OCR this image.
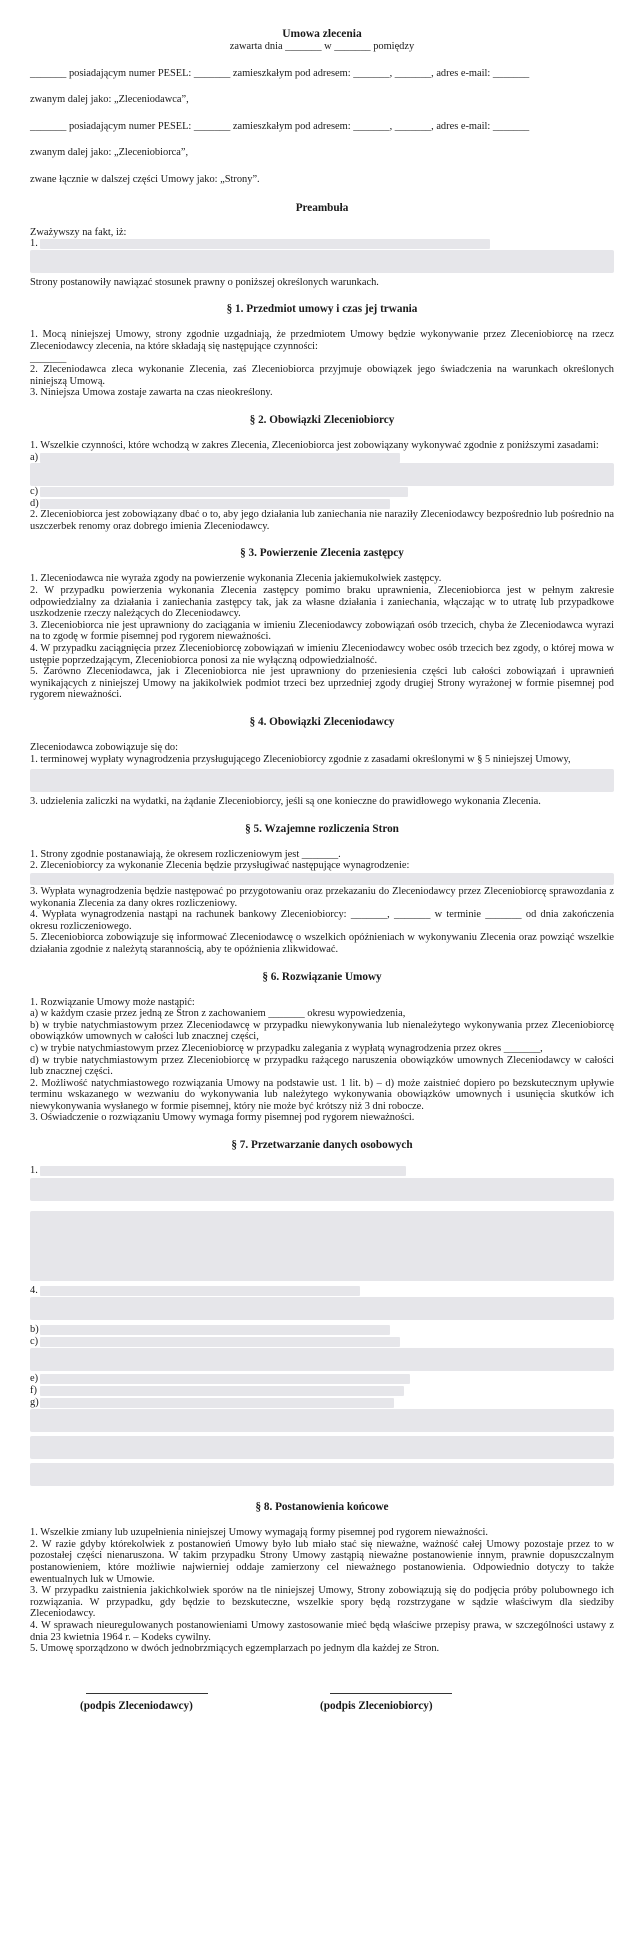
Umowa zlecenia
zawarta dnia _______ w _______ pomiędzy

_______ posiadającym numer PESEL: _______ zamieszkałym pod adresem: _______, _______, adres e-mail: _______

zwanym dalej jako: „Zleceniodawca”,

_______ posiadającym numer PESEL: _______ zamieszkałym pod adresem: _______, _______, adres e-mail: _______

zwanym dalej jako: „Zleceniobiorca”,

zwane łącznie w dalszej części Umowy jako: „Strony”.

Preambuła

Zważywszy na fakt, iż:

1.

Strony postanowiły nawiązać stosunek prawny o poniższej określonych warunkach.

§ 1. Przedmiot umowy i czas jej trwania

1. Mocą niniejszej Umowy, strony zgodnie uzgadniają, że przedmiotem Umowy będzie wykonywanie przez Zleceniobiorcę na rzecz Zleceniodawcy zlecenia, na które składają się następujące czynności:

_______

2. Zleceniodawca zleca wykonanie Zlecenia, zaś Zleceniobiorca przyjmuje obowiązek jego świadczenia na warunkach określonych niniejszą Umową.

3. Niniejsza Umowa zostaje zawarta na czas nieokreślony.

§ 2. Obowiązki Zleceniobiorcy

1. Wszelkie czynności, które wchodzą w zakres Zlecenia, Zleceniobiorca jest zobowiązany wykonywać zgodnie z poniższymi zasadami:

a)
c)
d)

2. Zleceniobiorca jest zobowiązany dbać o to, aby jego działania lub zaniechania nie naraziły Zleceniodawcy bezpośrednio lub pośrednio na uszczerbek renomy oraz dobrego imienia Zleceniodawcy.

§ 3. Powierzenie Zlecenia zastępcy

1. Zleceniodawca nie wyraża zgody na powierzenie wykonania Zlecenia jakiemukolwiek zastępcy.

2. W przypadku powierzenia wykonania Zlecenia zastępcy pomimo braku uprawnienia, Zleceniobiorca jest w pełnym zakresie odpowiedzialny za działania i zaniechania zastępcy tak, jak za własne działania i zaniechania, włączając w to utratę lub przypadkowe uszkodzenie rzeczy należących do Zleceniodawcy.

3. Zleceniobiorca nie jest uprawniony do zaciągania w imieniu Zleceniodawcy zobowiązań osób trzecich, chyba że Zleceniodawca wyrazi na to zgodę w formie pisemnej pod rygorem nieważności.

4. W przypadku zaciągnięcia przez Zleceniobiorcę zobowiązań w imieniu Zleceniodawcy wobec osób trzecich bez zgody, o której mowa w ustępie poprzedzającym, Zleceniobiorca ponosi za nie wyłączną odpowiedzialność.

5. Zarówno Zleceniodawca, jak i Zleceniobiorca nie jest uprawniony do przeniesienia części lub całości zobowiązań i uprawnień wynikających z niniejszej Umowy na jakikolwiek podmiot trzeci bez uprzedniej zgody drugiej Strony wyrażonej w formie pisemnej pod rygorem nieważności.

§ 4. Obowiązki Zleceniodawcy

Zleceniodawca zobowiązuje się do:

1. terminowej wypłaty wynagrodzenia przysługującego Zleceniobiorcy zgodnie z zasadami określonymi w § 5 niniejszej Umowy,

3. udzielenia zaliczki na wydatki, na żądanie Zleceniobiorcy, jeśli są one konieczne do prawidłowego wykonania Zlecenia.

§ 5. Wzajemne rozliczenia Stron

1. Strony zgodnie postanawiają, że okresem rozliczeniowym jest _______.

2. Zleceniobiorcy za wykonanie Zlecenia będzie przysługiwać następujące wynagrodzenie:

3. Wypłata wynagrodzenia będzie następować po przygotowaniu oraz przekazaniu do Zleceniodawcy przez Zleceniobiorcę sprawozdania z wykonania Zlecenia za dany okres rozliczeniowy.

4. Wypłata wynagrodzenia nastąpi na rachunek bankowy Zleceniobiorcy: _______, _______ w terminie _______ od dnia zakończenia okresu rozliczeniowego.

5. Zleceniobiorca zobowiązuje się informować Zleceniodawcę o wszelkich opóźnieniach w wykonywaniu Zlecenia oraz powziąć wszelkie działania zgodnie z należytą starannością, aby te opóźnienia zlikwidować.

§ 6. Rozwiązanie Umowy

1. Rozwiązanie Umowy może nastąpić:

a) w każdym czasie przez jedną ze Stron z zachowaniem _______ okresu wypowiedzenia,

b) w trybie natychmiastowym przez Zleceniodawcę w przypadku niewykonywania lub nienależytego wykonywania przez Zleceniobiorcę obowiązków umownych w całości lub znacznej części,

c) w trybie natychmiastowym przez Zleceniobiorcę w przypadku zalegania z wypłatą wynagrodzenia przez okres _______,

d) w trybie natychmiastowym przez Zleceniobiorcę w przypadku rażącego naruszenia obowiązków umownych Zleceniodawcy w całości lub znacznej części.

2. Możliwość natychmiastowego rozwiązania Umowy na podstawie ust. 1 lit. b) – d) może zaistnieć dopiero po bezskutecznym upływie terminu wskazanego w wezwaniu do wykonywania lub należytego wykonywania obowiązków umownych i usunięcia skutków ich niewykonywania wysłanego w formie pisemnej, który nie może być krótszy niż 3 dni robocze.

3. Oświadczenie o rozwiązaniu Umowy wymaga formy pisemnej pod rygorem nieważności.

§ 7. Przetwarzanie danych osobowych
1.
4.
b)
c)
e)
f)
g)
§ 8. Postanowienia końcowe

1. Wszelkie zmiany lub uzupełnienia niniejszej Umowy wymagają formy pisemnej pod rygorem nieważności.

2. W razie gdyby którekolwiek z postanowień Umowy było lub miało stać się nieważne, ważność całej Umowy pozostaje przez to w pozostałej części nienaruszona. W takim przypadku Strony Umowy zastąpią nieważne postanowienie innym, prawnie dopuszczalnym postanowieniem, które możliwie najwierniej oddaje zamierzony cel nieważnego postanowienia. Odpowiednio dotyczy to także ewentualnych luk w Umowie.

3. W przypadku zaistnienia jakichkolwiek sporów na tle niniejszej Umowy, Strony zobowiązują się do podjęcia próby polubownego ich rozwiązania. W przypadku, gdy będzie to bezskuteczne, wszelkie spory będą rozstrzygane w sądzie właściwym dla siedziby Zleceniodawcy.

4. W sprawach nieuregulowanych postanowieniami Umowy zastosowanie mieć będą właściwe przepisy prawa, w szczególności ustawy z dnia 23 kwietnia 1964 r. – Kodeks cywilny.

5. Umowę sporządzono w dwóch jednobrzmiących egzemplarzach po jednym dla każdej ze Stron.

(podpis Zleceniodawcy)	(podpis Zleceniobiorcy)
